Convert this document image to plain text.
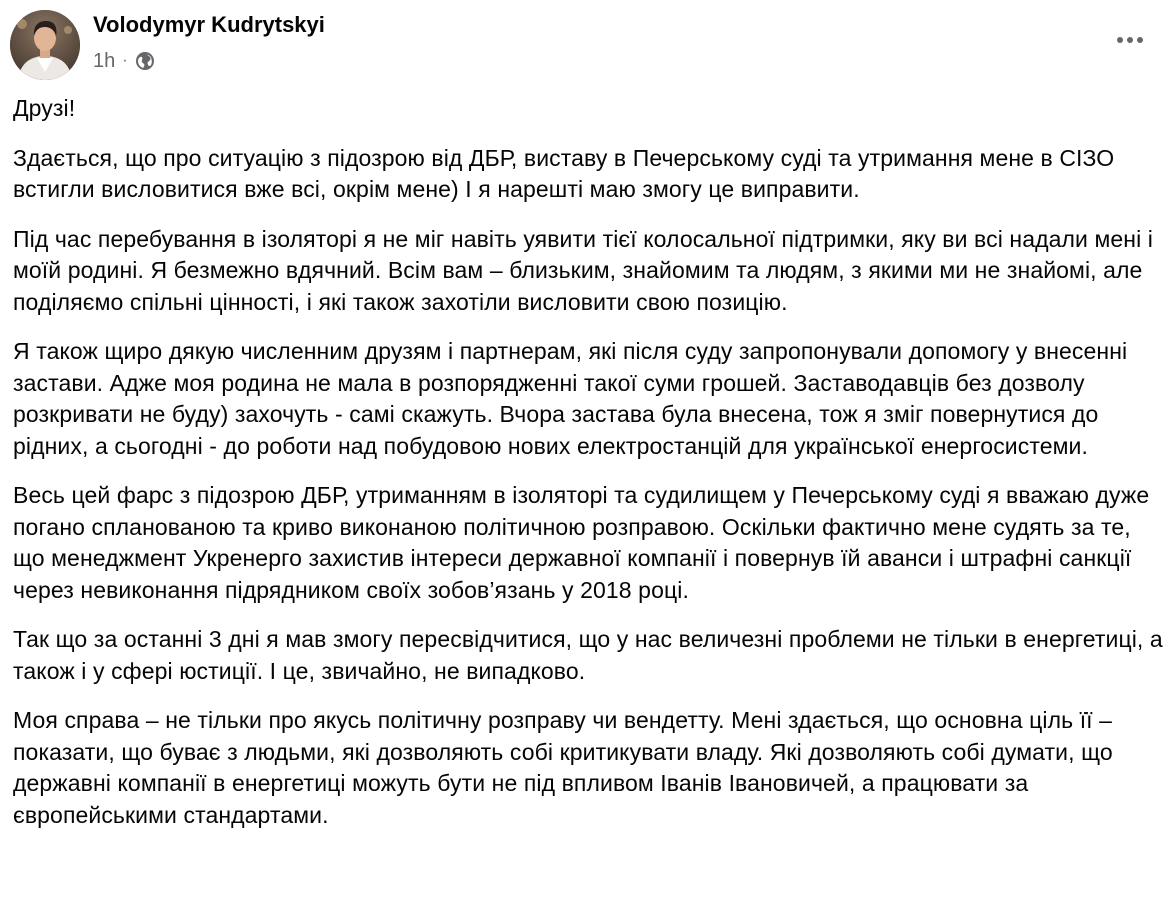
Volodymyr Kudrytskyi
1h ·

Друзі!

Здається, що про ситуацію з підозрою від ДБР, виставу в Печерському суді та утримання мене в СІЗО встигли висловитися вже всі, окрім мене) І я нарешті маю змогу це виправити.

Під час перебування в ізоляторі я не міг навіть уявити тієї колосальної підтримки, яку ви всі надали мені і моїй родині. Я безмежно вдячний. Всім вам – близьким, знайомим та людям, з якими ми не знайомі, але поділяємо спільні цінності, і які також захотіли висловити свою позицію.

Я також щиро дякую численним друзям і партнерам, які після суду запропонували допомогу у внесенні застави. Адже моя родина не мала в розпорядженні такої суми грошей. Заставодавців без дозволу розкривати не буду) захочуть - самі скажуть. Вчора застава була внесена, тож я зміг повернутися до рідних, а сьогодні - до роботи над побудовою нових електростанцій для української енергосистеми.

Весь цей фарс з підозрою ДБР, утриманням в ізоляторі та судилищем у Печерському суді я вважаю дуже погано спланованою та криво виконаною політичною розправою. Оскільки фактично мене судять за те, що менеджмент Укренерго захистив інтереси державної компанії і повернув їй аванси і штрафні санкції через невиконання підрядником своїх зобов’язань у 2018 році.

Так що за останні 3 дні я мав змогу пересвідчитися, що у нас величезні проблеми не тільки в енергетиці, а також і у сфері юстиції. І це, звичайно, не випадково.

Моя справа – не тільки про якусь політичну розправу чи вендетту. Мені здається, що основна ціль її – показати, що буває з людьми, які дозволяють собі критикувати владу. Які дозволяють собі думати, що державні компанії в енергетиці можуть бути не під впливом Іванів Івановичей, а працювати за європейськими стандартами.
